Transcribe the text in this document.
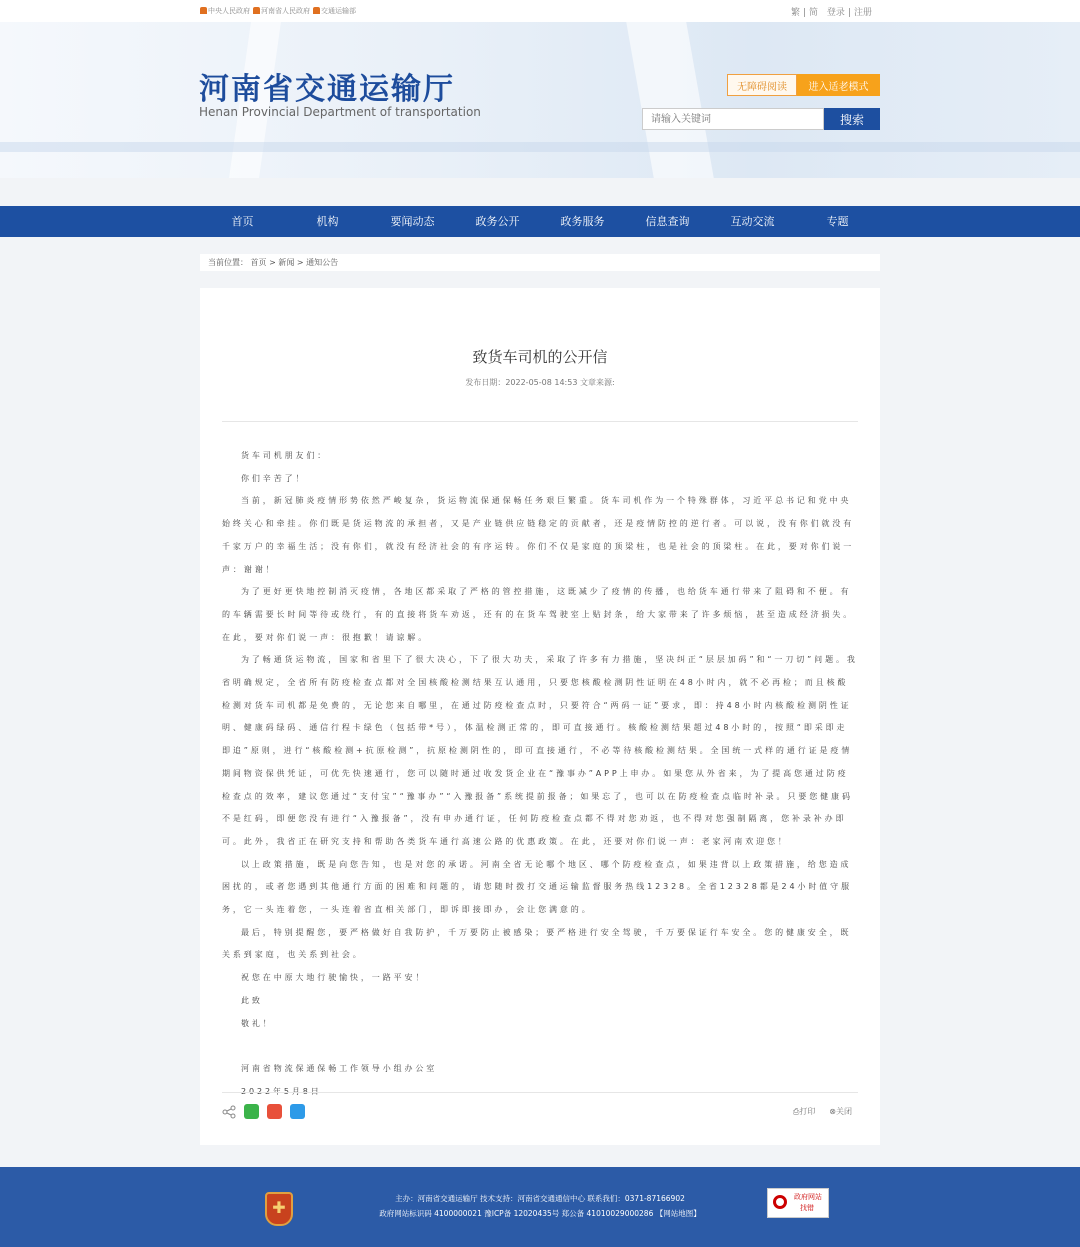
中央人民政府	河南省人民政府	交通运输部	繁 | 简 登录 | 注册
河南省交通运输厅
Henan Provincial Department of transportation
无障碍阅读	进入适老模式
请输入关键词
搜索
首页	机构	要闻动态	政务公开	政务服务	信息查询	互动交流	专题
当前位置： 首页 > 新闻 > 通知公告
致货车司机的公开信
发布日期：2022-05-08 14:53 文章来源:

货车司机朋友们：

你们辛苦了！

当前，新冠肺炎疫情形势依然严峻复杂，货运物流保通保畅任务艰巨繁重。货车司机作为一个特殊群体，习近平总书记和党中央始终关心和牵挂。你们既是货运物流的承担者，又是产业链供应链稳定的贡献者，还是疫情防控的逆行者。可以说，没有你们就没有千家万户的幸福生活；没有你们，就没有经济社会的有序运转。你们不仅是家庭的顶梁柱，也是社会的顶梁柱。在此，要对你们说一声：谢谢！

为了更好更快地控制消灭疫情，各地区都采取了严格的管控措施，这既减少了疫情的传播，也给货车通行带来了阻碍和不便。有的车辆需要长时间等待或绕行，有的直接将货车劝返，还有的在货车驾驶室上贴封条，给大家带来了许多烦恼，甚至造成经济损失。在此，要对你们说一声：很抱歉！请谅解。

为了畅通货运物流，国家和省里下了很大决心，下了很大功夫，采取了许多有力措施，坚决纠正“层层加码”和“一刀切”问题。我省明确规定，全省所有防疫检查点都对全国核酸检测结果互认通用，只要您核酸检测阴性证明在48小时内，就不必再检；而且核酸检测对货车司机都是免费的，无论您来自哪里，在通过防疫检查点时，只要符合“两码一证”要求，即：持48小时内核酸检测阴性证明、健康码绿码、通信行程卡绿色（包括带*号），体温检测正常的，即可直接通行。核酸检测结果超过48小时的，按照“即采即走即追”原则，进行“核酸检测+抗原检测”，抗原检测阴性的，即可直接通行，不必等待核酸检测结果。全国统一式样的通行证是疫情期间物资保供凭证，可优先快速通行，您可以随时通过收发货企业在“豫事办”APP上申办。如果您从外省来，为了提高您通过防疫检查点的效率，建议您通过“支付宝”“豫事办”“入豫报备”系统提前报备；如果忘了，也可以在防疫检查点临时补录。只要您健康码不是红码，即便您没有进行“入豫报备”，没有申办通行证，任何防疫检查点都不得对您劝返，也不得对您强制隔离，您补录补办即可。此外，我省正在研究支持和帮助各类货车通行高速公路的优惠政策。在此，还要对你们说一声：老家河南欢迎您！

以上政策措施，既是向您告知，也是对您的承诺。河南全省无论哪个地区、哪个防疫检查点，如果违背以上政策措施，给您造成困扰的，或者您遇到其他通行方面的困难和问题的，请您随时拨打交通运输监督服务热线12328。全省12328都是24小时值守服务，它一头连着您，一头连着省直相关部门，即诉即接即办，会让您满意的。

最后，特别提醒您，要严格做好自我防护，千万要防止被感染；要严格进行安全驾驶，千万要保证行车安全。您的健康安全，既关系到家庭，也关系到社会。

祝您在中原大地行驶愉快，一路平安！

此致

敬礼！

河南省物流保通保畅工作领导小组办公室

2022年5月8日

⎙打印 ⊗关闭
✚	主办：河南省交通运输厅 技术支持：河南省交通通信中心 联系我们：0371-87166902
政府网站标识码 4100000021 豫ICP备 12020435号 郑公备 41010029000286 【网站地图】
政府网站
找错
